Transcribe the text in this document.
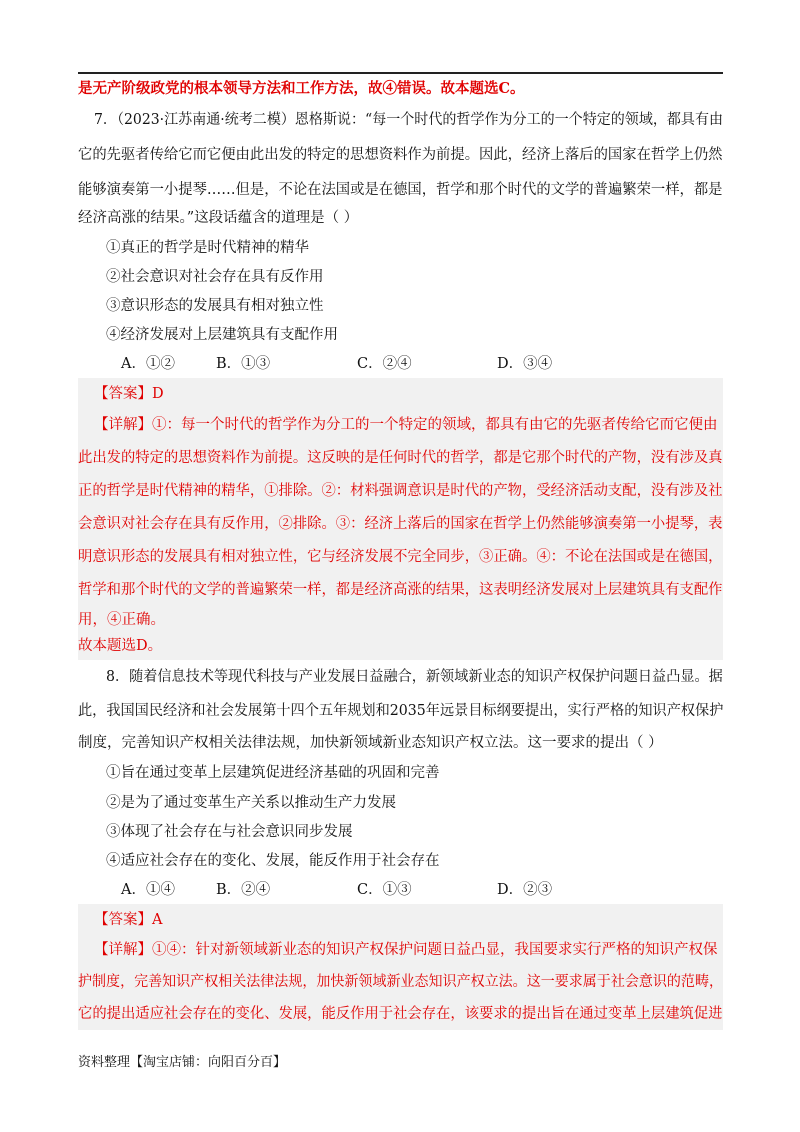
是无产阶级政党的根本领导方法和工作方法，故④错误。故本题选C。
7．（2023·江苏南通·统考二模）恩格斯说：“每一个时代的哲学作为分工的一个特定的领域，都具有由
它的先驱者传给它而它便由此出发的特定的思想资料作为前提。因此，经济上落后的国家在哲学上仍然
能够演奏第一小提琴……但是，不论在法国或是在德国，哲学和那个时代的文学的普遍繁荣一样，都是
经济高涨的结果。”这段话蕴含的道理是（ ）
①真正的哲学是时代精神的精华
②社会意识对社会存在具有反作用
③意识形态的发展具有相对独立性
④经济发展对上层建筑具有支配作用
A．①②	B．①③	C．②④	D．③④
【答案】D
【详解】①：每一个时代的哲学作为分工的一个特定的领域，都具有由它的先驱者传给它而它便由
此出发的特定的思想资料作为前提。这反映的是任何时代的哲学，都是它那个时代的产物，没有涉及真
正的哲学是时代精神的精华，①排除。②：材料强调意识是时代的产物，受经济活动支配，没有涉及社
会意识对社会存在具有反作用，②排除。③：经济上落后的国家在哲学上仍然能够演奏第一小提琴，表
明意识形态的发展具有相对独立性，它与经济发展不完全同步，③正确。④：不论在法国或是在德国，
哲学和那个时代的文学的普遍繁荣一样，都是经济高涨的结果，这表明经济发展对上层建筑具有支配作
用，④正确。
故本题选D。
8．随着信息技术等现代科技与产业发展日益融合，新领域新业态的知识产权保护问题日益凸显。据
此，我国国民经济和社会发展第十四个五年规划和2035年远景目标纲要提出，实行严格的知识产权保护
制度，完善知识产权相关法律法规，加快新领域新业态知识产权立法。这一要求的提出（ ）
①旨在通过变革上层建筑促进经济基础的巩固和完善
②是为了通过变革生产关系以推动生产力发展
③体现了社会存在与社会意识同步发展
④适应社会存在的变化、发展，能反作用于社会存在
A．①④	B．②④	C．①③	D．②③
【答案】A
【详解】①④：针对新领域新业态的知识产权保护问题日益凸显，我国要求实行严格的知识产权保
护制度，完善知识产权相关法律法规，加快新领域新业态知识产权立法。这一要求属于社会意识的范畴，
它的提出适应社会存在的变化、发展，能反作用于社会存在，该要求的提出旨在通过变革上层建筑促进
资料整理【淘宝店铺：向阳百分百】
